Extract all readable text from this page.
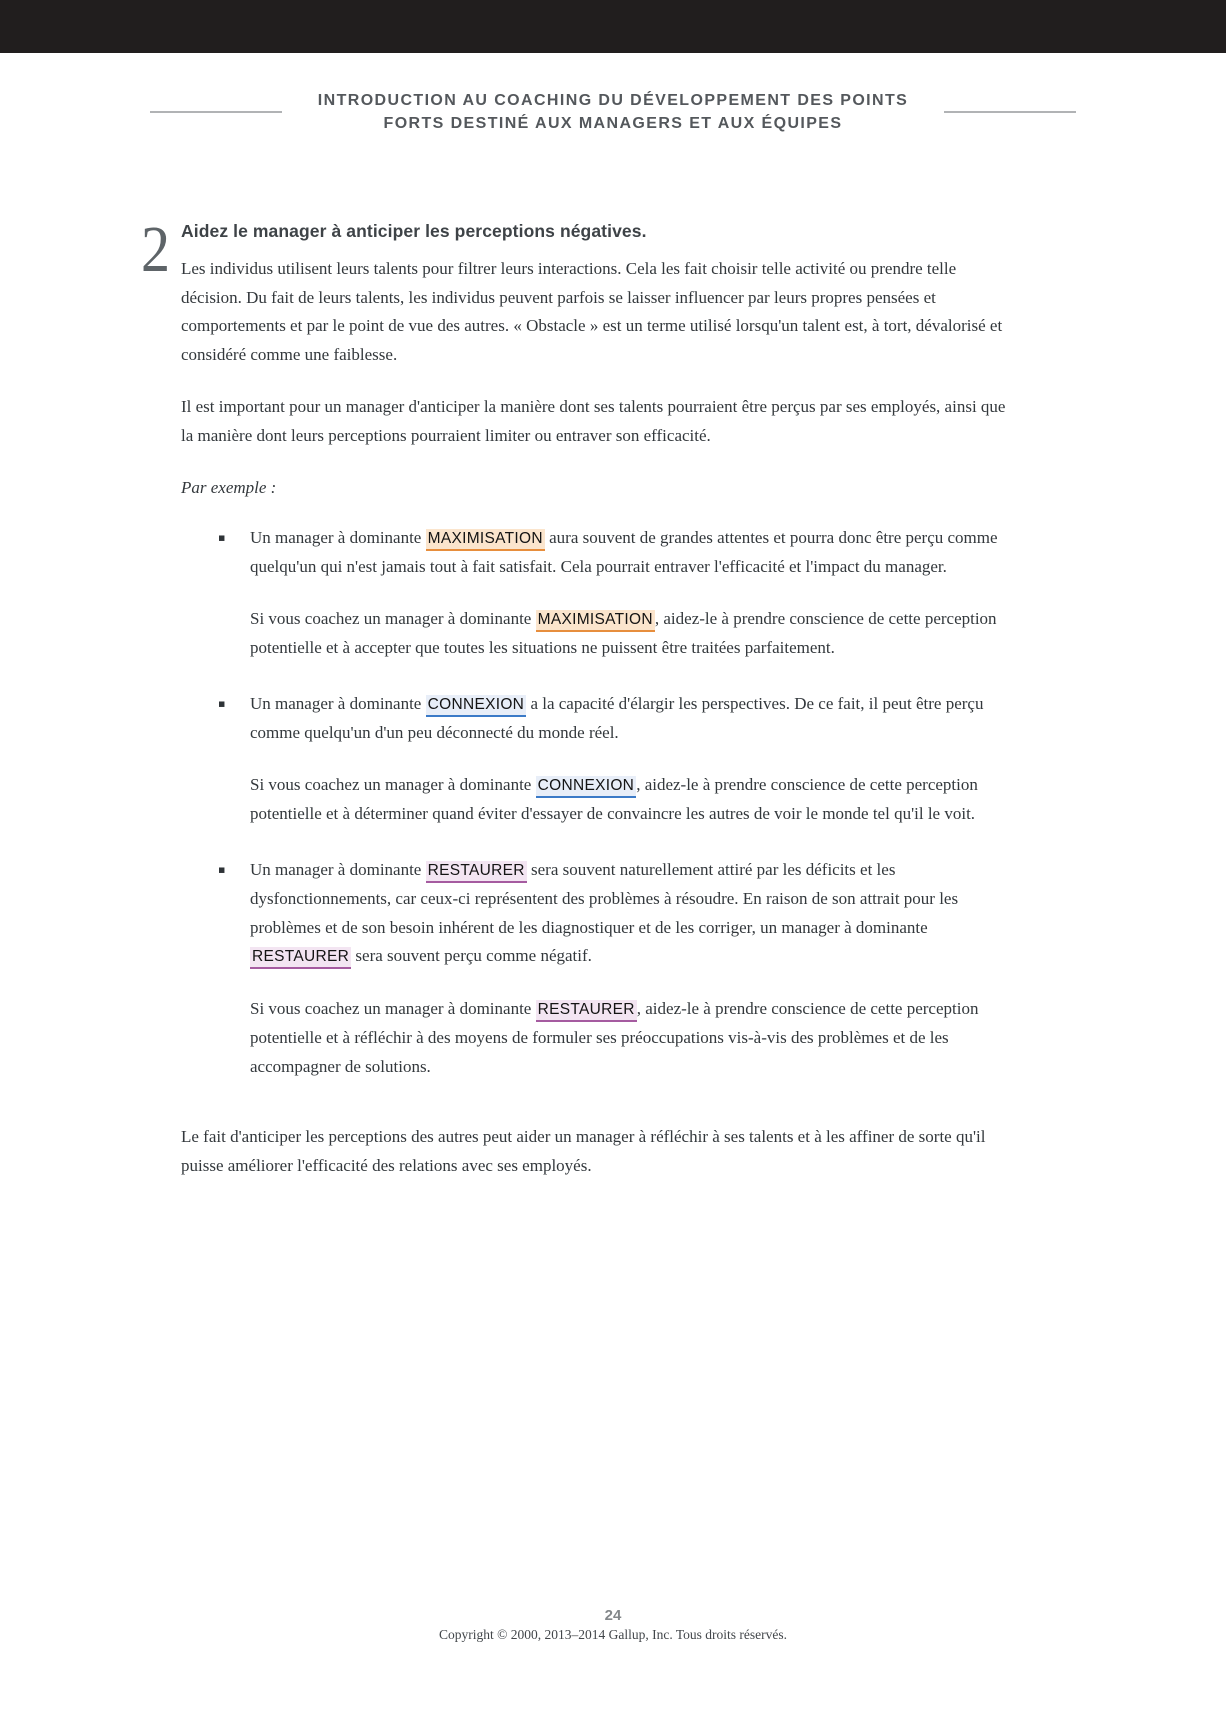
INTRODUCTION AU COACHING DU DÉVELOPPEMENT DES POINTS
FORTS DESTINÉ AUX MANAGERS ET AUX ÉQUIPES
2 Aidez le manager à anticiper les perceptions négatives.
Les individus utilisent leurs talents pour filtrer leurs interactions. Cela les fait choisir telle activité ou prendre telle décision. Du fait de leurs talents, les individus peuvent parfois se laisser influencer par leurs propres pensées et comportements et par le point de vue des autres. « Obstacle » est un terme utilisé lorsqu'un talent est, à tort, dévalorisé et considéré comme une faiblesse.
Il est important pour un manager d'anticiper la manière dont ses talents pourraient être perçus par ses employés, ainsi que la manière dont leurs perceptions pourraient limiter ou entraver son efficacité.
Par exemple :
▪ Un manager à dominante MAXIMISATION aura souvent de grandes attentes et pourra donc être perçu comme quelqu'un qui n'est jamais tout à fait satisfait. Cela pourrait entraver l'efficacité et l'impact du manager.
Si vous coachez un manager à dominante MAXIMISATION , aidez-le à prendre conscience de cette perception potentielle et à accepter que toutes les situations ne puissent être traitées parfaitement.
▪ Un manager à dominante CONNEXION a la capacité d'élargir les perspectives. De ce fait, il peut être perçu comme quelqu'un d'un peu déconnecté du monde réel.
Si vous coachez un manager à dominante CONNEXION , aidez-le à prendre conscience de cette perception potentielle et à déterminer quand éviter d'essayer de convaincre les autres de voir le monde tel qu'il le voit.
▪ Un manager à dominante RESTAURER sera souvent naturellement attiré par les déficits et les dysfonctionnements, car ceux-ci représentent des problèmes à résoudre. En raison de son attrait pour les problèmes et de son besoin inhérent de les diagnostiquer et de les corriger, un manager à dominante RESTAURER sera souvent perçu comme négatif.
Si vous coachez un manager à dominante RESTAURER , aidez-le à prendre conscience de cette perception potentielle et à réfléchir à des moyens de formuler ses préoccupations vis-à-vis des problèmes et de les accompagner de solutions.
Le fait d'anticiper les perceptions des autres peut aider un manager à réfléchir à ses talents et à les affiner de sorte qu'il puisse améliorer l'efficacité des relations avec ses employés.
24
Copyright © 2000, 2013–2014 Gallup, Inc. Tous droits réservés.
